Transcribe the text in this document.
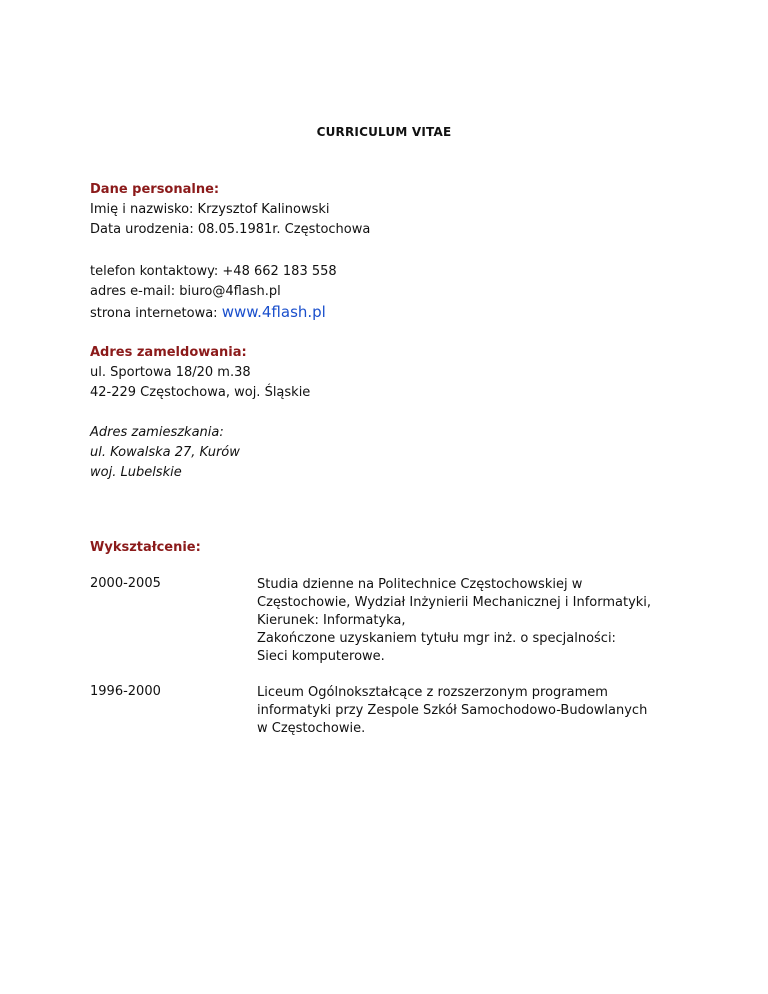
CURRICULUM VITAE
Dane personalne:
Imię i nazwisko: Krzysztof Kalinowski
Data urodzenia: 08.05.1981r. Częstochowa
telefon kontaktowy: +48 662 183 558
adres e-mail: biuro@4flash.pl
strona internetowa: www.4flash.pl
Adres zameldowania:
ul. Sportowa 18/20 m.38
42-229 Częstochowa, woj. Śląskie
Adres zamieszkania:
ul. Kowalska 27, Kurów
woj. Lubelskie
Wykształcenie:
2000-2005	Studia dzienne na Politechnice Częstochowskiej w
Częstochowie, Wydział Inżynierii Mechanicznej i Informatyki,
Kierunek: Informatyka,
Zakończone uzyskaniem tytułu mgr inż. o specjalności:
Sieci komputerowe.
1996-2000	Liceum Ogólnokształcące z rozszerzonym programem
informatyki przy Zespole Szkół Samochodowo-Budowlanych
w Częstochowie.
